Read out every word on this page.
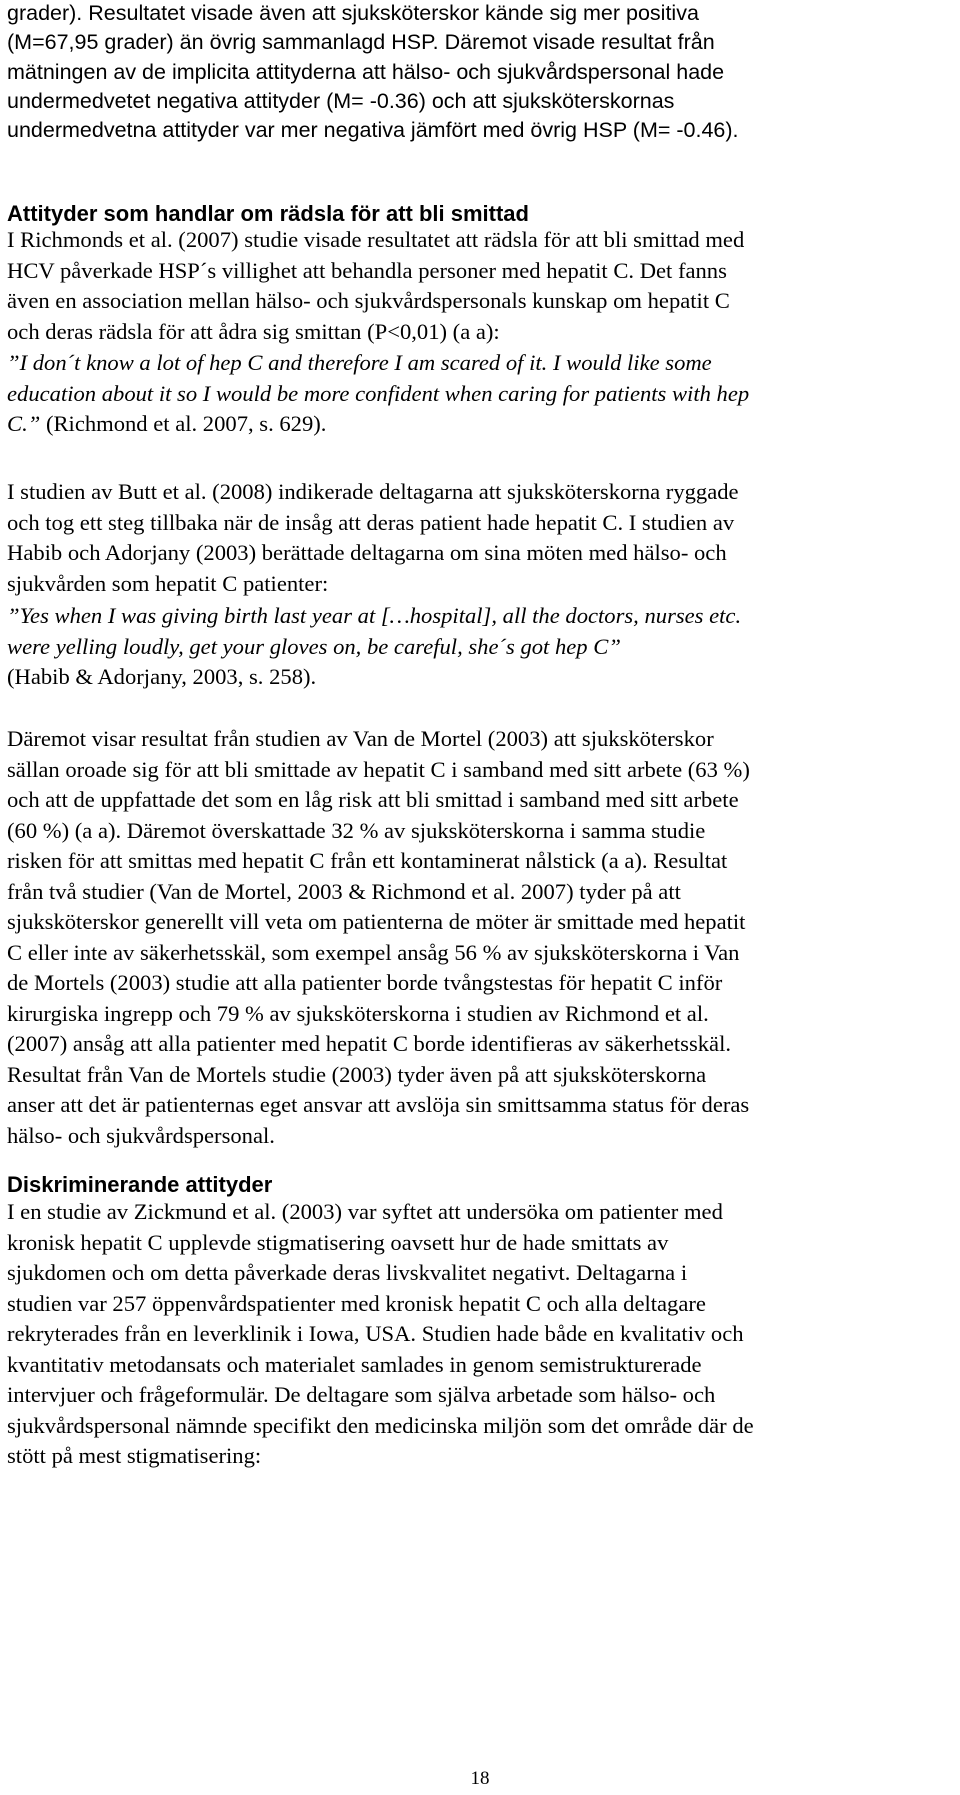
grader). Resultatet visade även att sjuksköterskor kände sig mer positiva
(M=67,95 grader) än övrig sammanlagd HSP. Däremot visade resultat från
mätningen av de implicita attityderna att hälso- och sjukvårdspersonal hade
undermedvetet negativa attityder (M= -0.36) och att sjuksköterskornas
undermedvetna attityder var mer negativa jämfört med övrig HSP (M= -0.46).

Attityder som handlar om rädsla för att bli smittad

I Richmonds et al. (2007) studie visade resultatet att rädsla för att bli smittad med
HCV påverkade HSP´s villighet att behandla personer med hepatit C. Det fanns
även en association mellan hälso- och sjukvårdspersonals kunskap om hepatit C
och deras rädsla för att ådra sig smittan (P<0,01) (a a):

”I don´t know a lot of hep C and therefore I am scared of it. I would like some
education about it so I would be more confident when caring for patients with hep
C.” (Richmond et al. 2007, s. 629).

I studien av Butt et al. (2008) indikerade deltagarna att sjuksköterskorna ryggade
och tog ett steg tillbaka när de insåg att deras patient hade hepatit C. I studien av
Habib och Adorjany (2003) berättade deltagarna om sina möten med hälso- och
sjukvården som hepatit C patienter:

”Yes when I was giving birth last year at […hospital], all the doctors, nurses etc.
were yelling loudly, get your gloves on, be careful, she´s got hep C”
(Habib & Adorjany, 2003, s. 258).

Däremot visar resultat från studien av Van de Mortel (2003) att sjuksköterskor
sällan oroade sig för att bli smittade av hepatit C i samband med sitt arbete (63 %)
och att de uppfattade det som en låg risk att bli smittad i samband med sitt arbete
(60 %) (a a). Däremot överskattade 32 % av sjuksköterskorna i samma studie
risken för att smittas med hepatit C från ett kontaminerat nålstick (a a). Resultat
från två studier (Van de Mortel, 2003 & Richmond et al. 2007) tyder på att
sjuksköterskor generellt vill veta om patienterna de möter är smittade med hepatit
C eller inte av säkerhetsskäl, som exempel ansåg 56 % av sjuksköterskorna i Van
de Mortels (2003) studie att alla patienter borde tvångstestas för hepatit C inför
kirurgiska ingrepp och 79 % av sjuksköterskorna i studien av Richmond et al.
(2007) ansåg att alla patienter med hepatit C borde identifieras av säkerhetsskäl.
Resultat från Van de Mortels studie (2003) tyder även på att sjuksköterskorna
anser att det är patienternas eget ansvar att avslöja sin smittsamma status för deras
hälso- och sjukvårdspersonal.

Diskriminerande attityder

I en studie av Zickmund et al. (2003) var syftet att undersöka om patienter med
kronisk hepatit C upplevde stigmatisering oavsett hur de hade smittats av
sjukdomen och om detta påverkade deras livskvalitet negativt. Deltagarna i
studien var 257 öppenvårdspatienter med kronisk hepatit C och alla deltagare
rekryterades från en leverklinik i Iowa, USA. Studien hade både en kvalitativ och
kvantitativ metodansats och materialet samlades in genom semistrukturerade
intervjuer och frågeformulär. De deltagare som själva arbetade som hälso- och
sjukvårdspersonal nämnde specifikt den medicinska miljön som det område där de
stött på mest stigmatisering:

18
